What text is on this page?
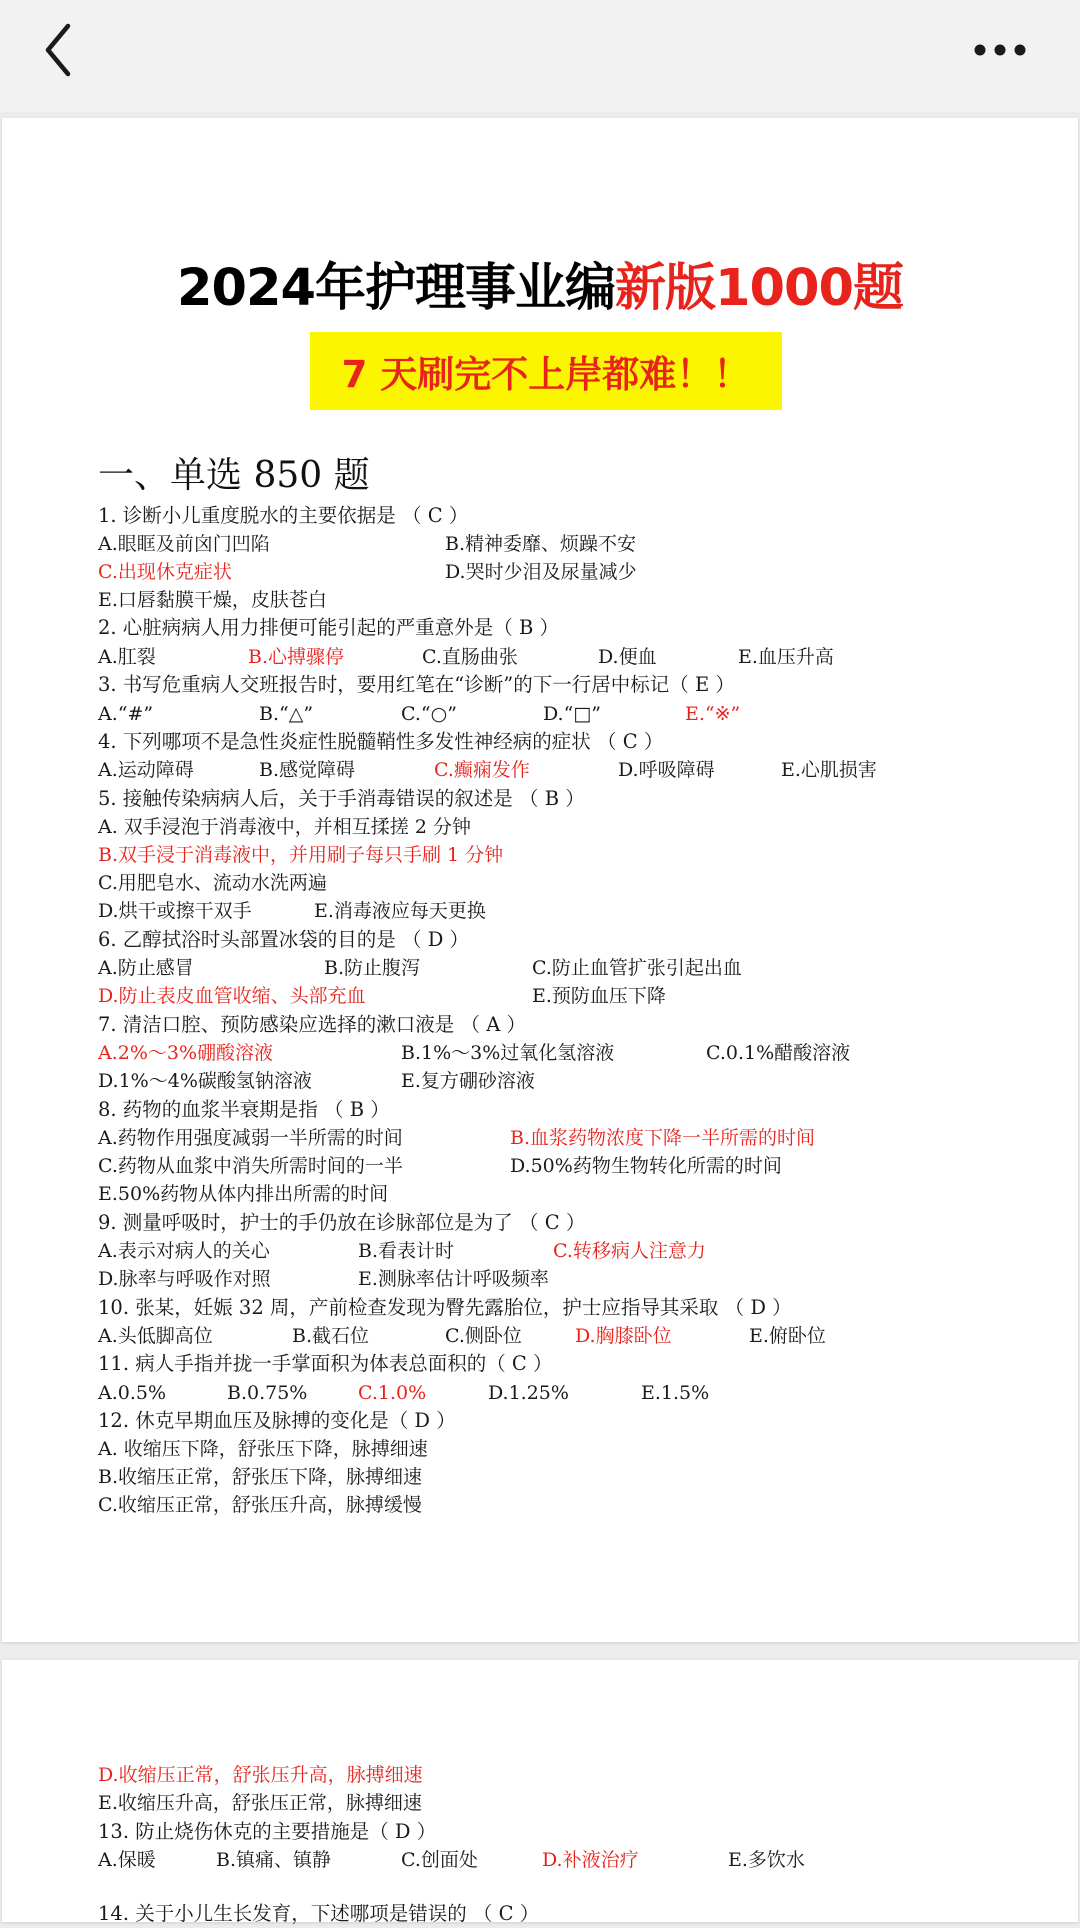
2024年护理事业编新版1000题
7 天刷完不上岸都难！！
一、单选 850 题
1. 诊断小儿重度脱水的主要依据是 （ C ）
A.眼眶及前囟门凹陷	B.精神委靡、烦躁不安
C.出现休克症状	D.哭时少泪及尿量减少
E.口唇黏膜干燥，皮肤苍白
2. 心脏病病人用力排便可能引起的严重意外是（ B ）
A.肛裂	B.心搏骤停	C.直肠曲张	D.便血	E.血压升高
3. 书写危重病人交班报告时，要用红笔在“诊断”的下一行居中标记（ E ）
A.“#”	B.“△”	C.“○”	D.“□”	E.“※”
4. 下列哪项不是急性炎症性脱髓鞘性多发性神经病的症状 （ C ）
A.运动障碍	B.感觉障碍	C.癫痫发作	D.呼吸障碍	E.心肌损害
5. 接触传染病病人后，关于手消毒错误的叙述是 （ B ）
A. 双手浸泡于消毒液中，并相互揉搓 2 分钟
B.双手浸于消毒液中，并用刷子每只手刷 1 分钟
C.用肥皂水、流动水洗两遍
D.烘干或擦干双手	E.消毒液应每天更换
6. 乙醇拭浴时头部置冰袋的目的是 （ D ）
A.防止感冒	B.防止腹泻	C.防止血管扩张引起出血
D.防止表皮血管收缩、头部充血	E.预防血压下降
7. 清洁口腔、预防感染应选择的漱口液是 （ A ）
A.2%～3%硼酸溶液	B.1%～3%过氧化氢溶液	C.0.1%醋酸溶液
D.1%～4%碳酸氢钠溶液	E.复方硼砂溶液
8. 药物的血浆半衰期是指 （ B ）
A.药物作用强度减弱一半所需的时间	B.血浆药物浓度下降一半所需的时间
C.药物从血浆中消失所需时间的一半	D.50%药物生物转化所需的时间
E.50%药物从体内排出所需的时间
9. 测量呼吸时，护士的手仍放在诊脉部位是为了 （ C ）
A.表示对病人的关心	B.看表计时	C.转移病人注意力
D.脉率与呼吸作对照	E.测脉率估计呼吸频率
10. 张某，妊娠 32 周，产前检查发现为臀先露胎位，护士应指导其采取 （ D ）
A.头低脚高位	B.截石位	C.侧卧位	D.胸膝卧位	E.俯卧位
11. 病人手指并拢一手掌面积为体表总面积的（ C ）
A.0.5%	B.0.75%	C.1.0%	D.1.25%	E.1.5%
12. 休克早期血压及脉搏的变化是（ D ）
A. 收缩压下降，舒张压下降，脉搏细速
B.收缩压正常，舒张压下降，脉搏细速
C.收缩压正常，舒张压升高，脉搏缓慢
D.收缩压正常，舒张压升高，脉搏细速
E.收缩压升高，舒张压正常，脉搏细速
13. 防止烧伤休克的主要措施是（ D ）
A.保暖	B.镇痛、镇静	C.创面处	D.补液治疗	E.多饮水
14. 关于小儿生长发育，下述哪项是错误的 （ C ）
